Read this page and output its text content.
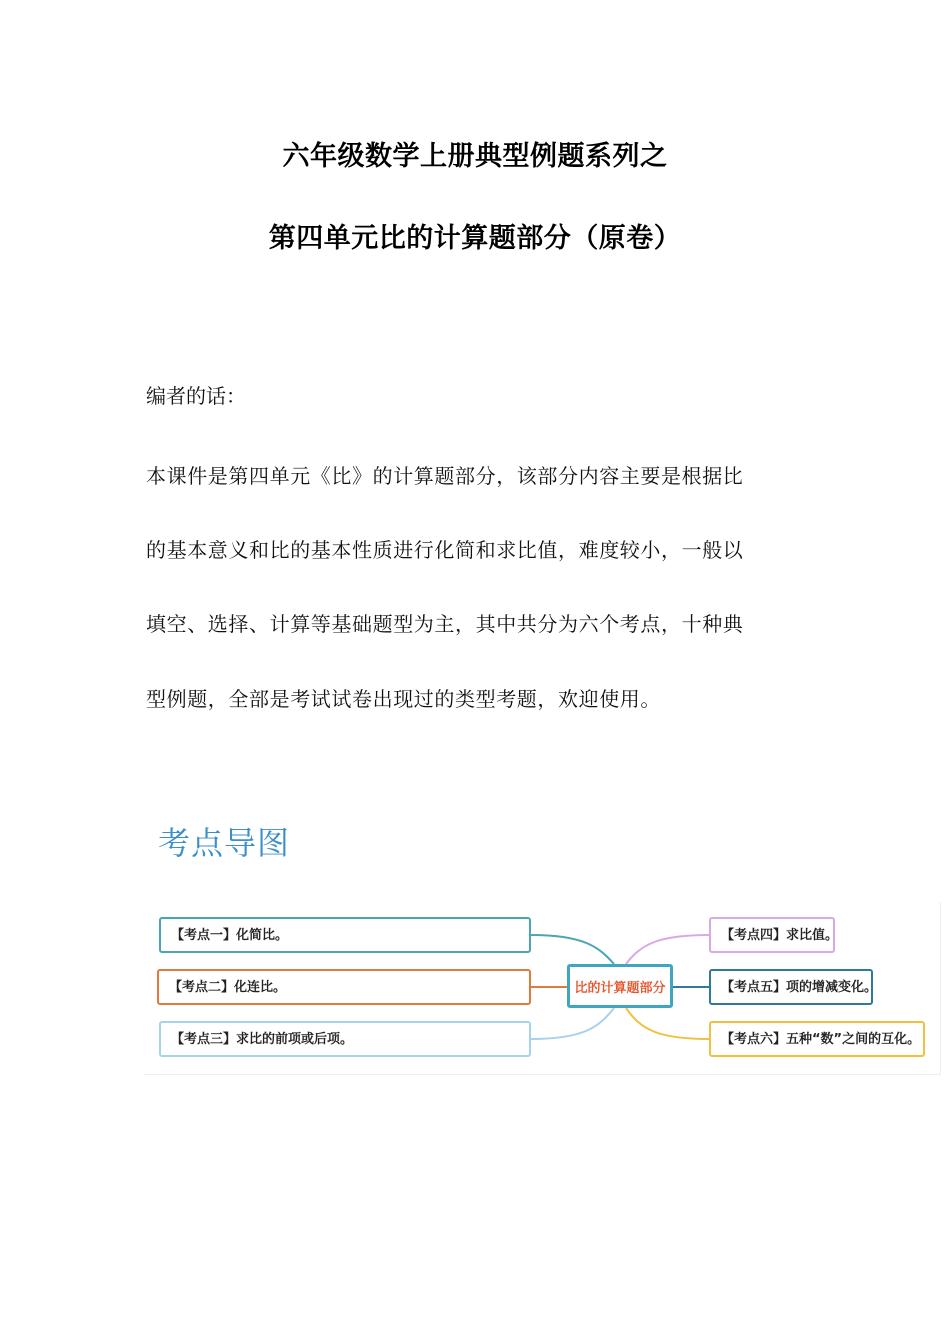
六年级数学上册典型例题系列之
第四单元比的计算题部分（原卷）
编者的话：
本课件是第四单元《比》的计算题部分，该部分内容主要是根据比
的基本意义和比的基本性质进行化简和求比值，难度较小，一般以
填空、选择、计算等基础题型为主，其中共分为六个考点，十种典
型例题，全部是考试试卷出现过的类型考题，欢迎使用。
考点导图
【考点一】化简比。
【考点二】化连比。
【考点三】求比的前项或后项。
比的计算题部分
【考点四】求比值。
【考点五】项的增减变化。
【考点六】五种“数”之间的互化。
